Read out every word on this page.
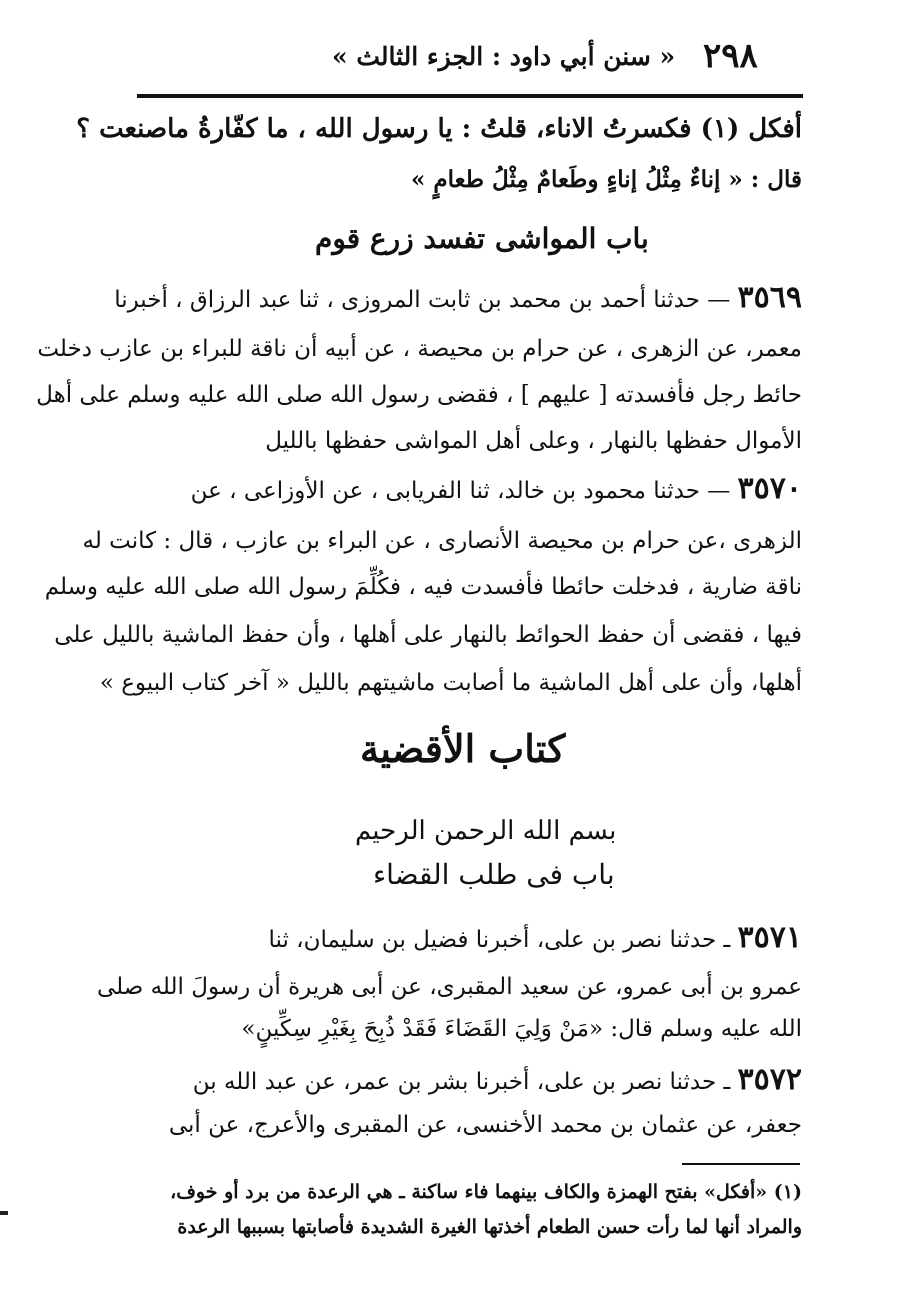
٢٩٨
« سنن أبي داود : الجزء الثالث »
أفكل (١) فكسرتُ الاناء، قلتُ : يا رسول الله ، ما كفّارةُ ماصنعت ؟
قال : « إناءٌ مِثْلُ إناءٍ وطَعامٌ مِثْلُ طعامٍ »
باب المواشى تفسد زرع قوم
٣٥٦٩ — حدثنا أحمد بن محمد بن ثابت المروزى ، ثنا عبد الرزاق ، أخبرنا
معمر، عن الزهرى ، عن حرام بن محيصة ، عن أبيه أن ناقة للبراء بن عازب دخلت
حائط رجل فأفسدته [ عليهم ] ، فقضى رسول الله صلى الله عليه وسلم على أهل
الأموال حفظها بالنهار ، وعلى أهل المواشى حفظها بالليل
٣٥٧٠ — حدثنا محمود بن خالد، ثنا الفريابى ، عن الأوزاعى ، عن
الزهرى ،عن حرام بن محيصة الأنصارى ، عن البراء بن عازب ، قال : كانت له
ناقة ضارية ، فدخلت حائطا فأفسدت فيه ، فكُلِّمَ رسول الله صلى الله عليه وسلم
فيها ، فقضى أن حفظ الحوائط بالنهار على أهلها ، وأن حفظ الماشية بالليل على
أهلها، وأن على أهل الماشية ما أصابت ماشيتهم بالليل « آخر كتاب البيوع »
كتاب الأقضية
بسم الله الرحمن الرحيم
باب فى طلب القضاء
٣٥٧١ ـ حدثنا نصر بن على، أخبرنا فضيل بن سليمان، ثنا
عمرو بن أبى عمرو، عن سعيد المقبرى، عن أبى هريرة أن رسولَ الله صلى
الله عليه وسلم قال: «مَنْ وَلِيَ القَضَاءَ فَقَدْ ذُبِحَ بِغَيْرِ سِكِّينٍ»
٣٥٧٢ ـ حدثنا نصر بن على، أخبرنا بشر بن عمر، عن عبد الله بن
جعفر، عن عثمان بن محمد الأخنسى، عن المقبرى والأعرج، عن أبى
(١) «أفكل» بفتح الهمزة والكاف بينهما فاء ساكنة ـ هي الرعدة من برد أو خوف،
والمراد أنها لما رأت حسن الطعام أخذتها الغيرة الشديدة فأصابتها بسببها الرعدة
